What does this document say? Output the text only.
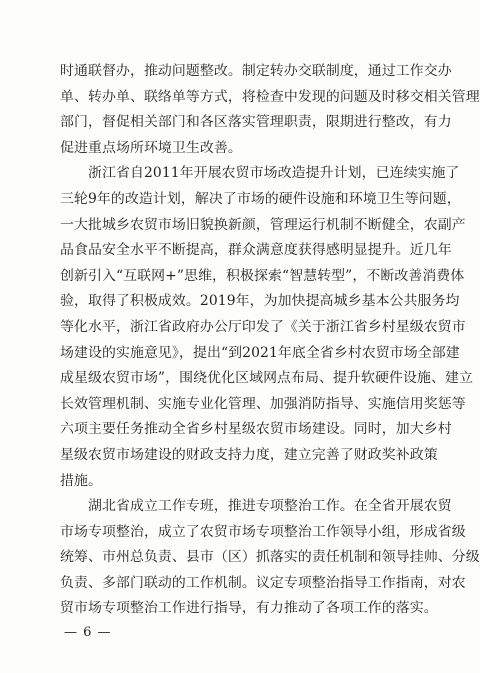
时通联督办，推动问题整改。制定转办交联制度，通过工作交办
单、转办单、联络单等方式，将检查中发现的问题及时移交相关管理
部门，督促相关部门和各区落实管理职责，限期进行整改，有力
促进重点场所环境卫生改善。
浙江省自2011年开展农贸市场改造提升计划，已连续实施了
三轮9年的改造计划，解决了市场的硬件设施和环境卫生等问题，
一大批城乡农贸市场旧貌换新颜，管理运行机制不断健全，农副产
品食品安全水平不断提高，群众满意度获得感明显提升。近几年
创新引入“互联网+”思维，积极探索“智慧转型”，不断改善消费体
验，取得了积极成效。2019年，为加快提高城乡基本公共服务均
等化水平，浙江省政府办公厅印发了《关于浙江省乡村星级农贸市
场建设的实施意见》，提出“到2021年底全省乡村农贸市场全部建
成星级农贸市场”，围绕优化区域网点布局、提升软硬件设施、建立
长效管理机制、实施专业化管理、加强消防指导、实施信用奖惩等
六项主要任务推动全省乡村星级农贸市场建设。同时，加大乡村
星级农贸市场建设的财政支持力度，建立完善了财政奖补政策
措施。
湖北省成立工作专班，推进专项整治工作。在全省开展农贸
市场专项整治，成立了农贸市场专项整治工作领导小组，形成省级
统筹、市州总负责、县市（区）抓落实的责任机制和领导挂帅、分级
负责、多部门联动的工作机制。议定专项整治指导工作指南，对农
贸市场专项整治工作进行指导，有力推动了各项工作的落实。
— 6 —
